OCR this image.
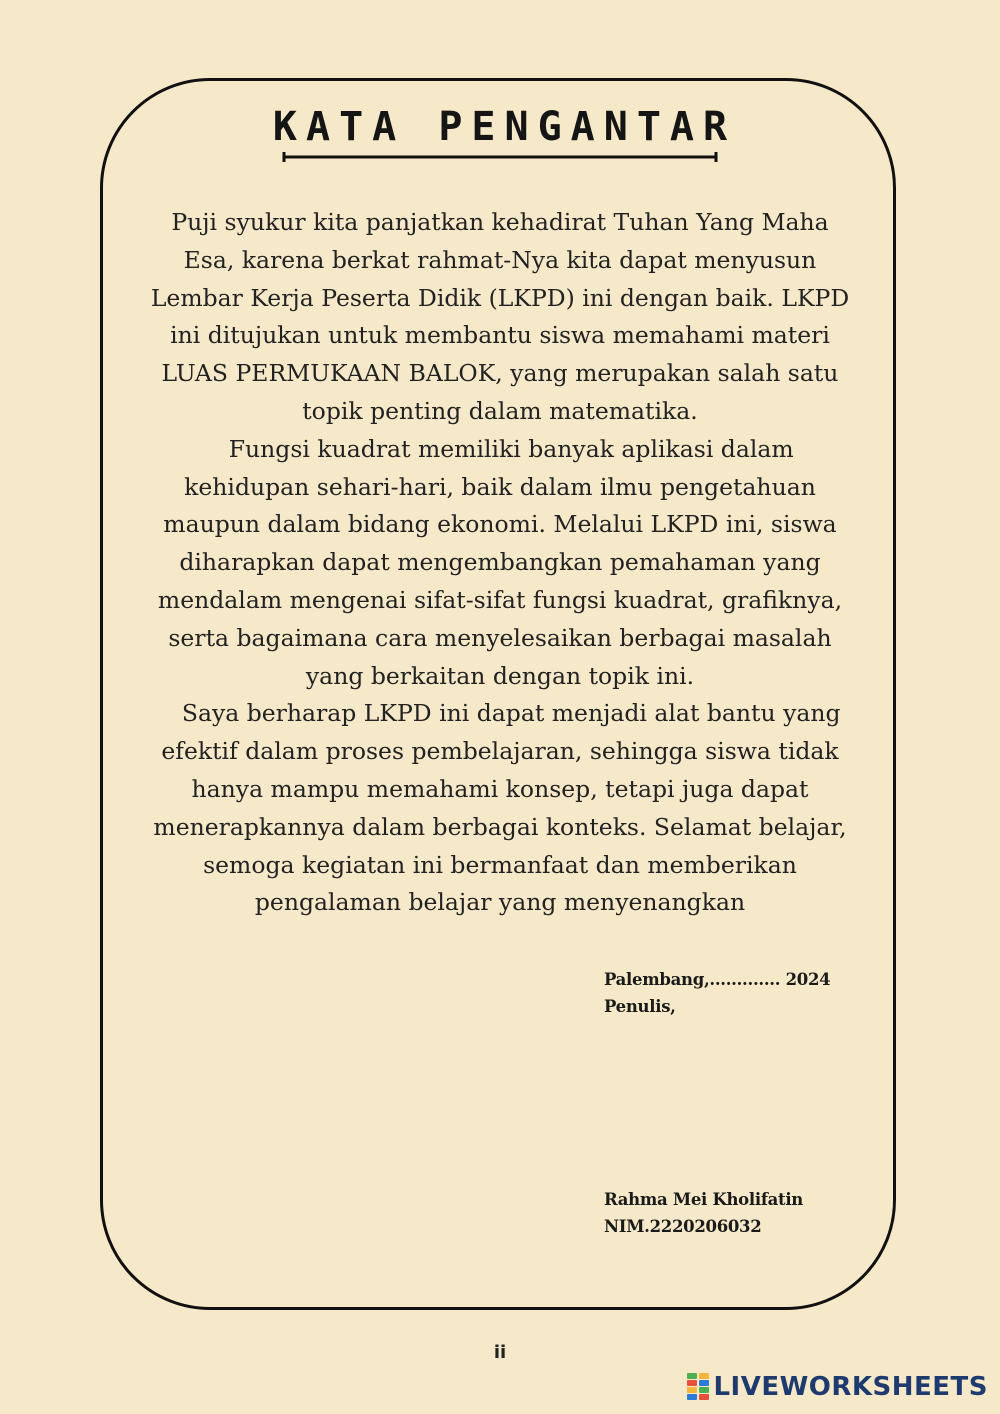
KATA PENGANTAR

Puji syukur kita panjatkan kehadirat Tuhan Yang Maha Esa, karena berkat rahmat-Nya kita dapat menyusun Lembar Kerja Peserta Didik (LKPD) ini dengan baik. LKPD ini ditujukan untuk membantu siswa memahami materi LUAS PERMUKAAN BALOK, yang merupakan salah satu topik penting dalam matematika.

Fungsi kuadrat memiliki banyak aplikasi dalam kehidupan sehari-hari, baik dalam ilmu pengetahuan maupun dalam bidang ekonomi. Melalui LKPD ini, siswa diharapkan dapat mengembangkan pemahaman yang mendalam mengenai sifat-sifat fungsi kuadrat, grafiknya, serta bagaimana cara menyelesaikan berbagai masalah yang berkaitan dengan topik ini.

Saya berharap LKPD ini dapat menjadi alat bantu yang efektif dalam proses pembelajaran, sehingga siswa tidak hanya mampu memahami konsep, tetapi juga dapat menerapkannya dalam berbagai konteks. Selamat belajar, semoga kegiatan ini bermanfaat dan memberikan pengalaman belajar yang menyenangkan

Palembang,............. 2024
Penulis,
Rahma Mei Kholifatin
NIM.2220206032
ii
LIVEWORKSHEETS
